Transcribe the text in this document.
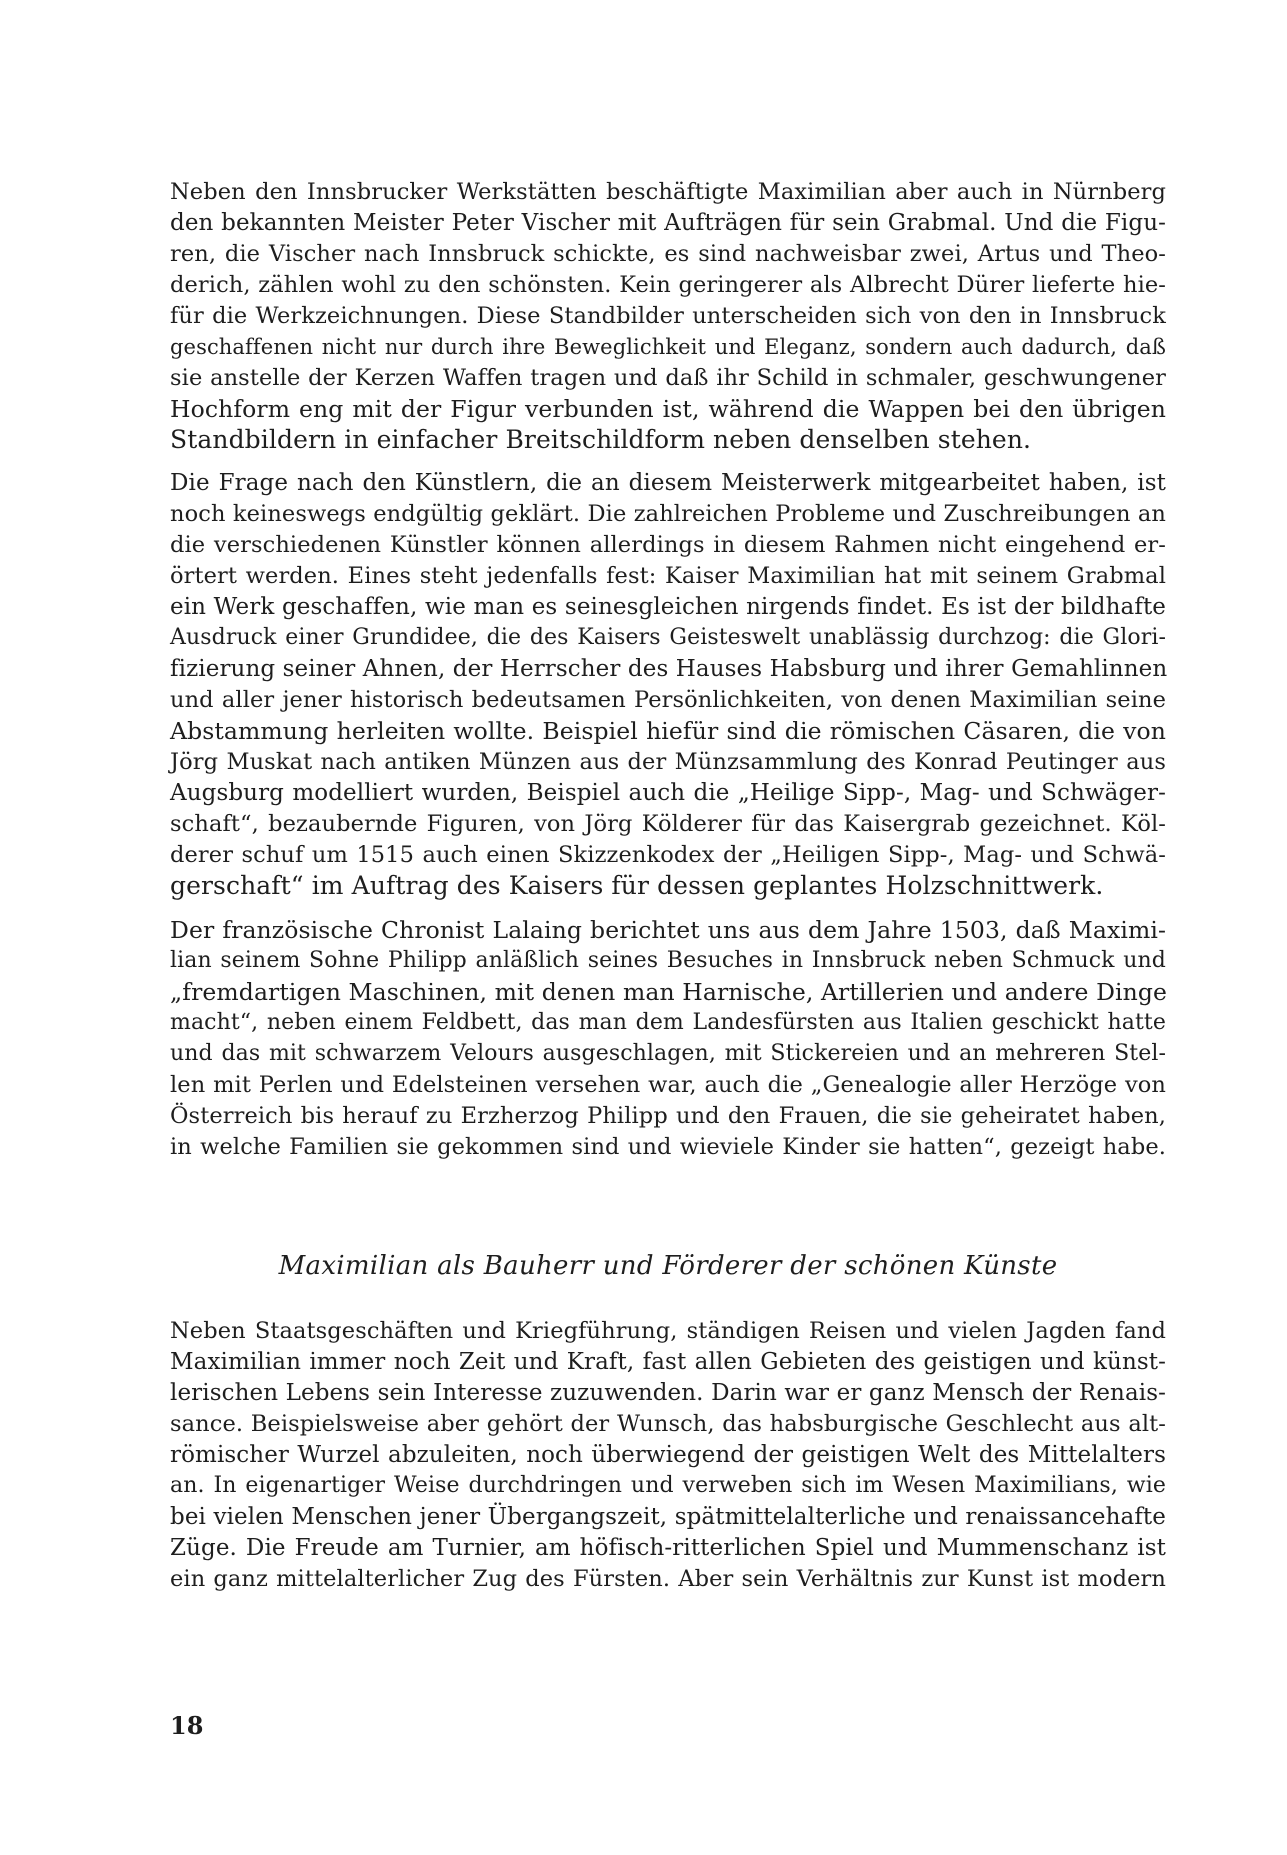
Neben den Innsbrucker Werkstätten beschäftigte Maximilian aber auch in Nürnberg
den bekannten Meister Peter Vischer mit Aufträgen für sein Grabmal. Und die Figu-
ren, die Vischer nach Innsbruck schickte, es sind nachweisbar zwei, Artus und Theo-
derich, zählen wohl zu den schönsten. Kein geringerer als Albrecht Dürer lieferte hie-
für die Werkzeichnungen. Diese Standbilder unterscheiden sich von den in Innsbruck
geschaffenen nicht nur durch ihre Beweglichkeit und Eleganz, sondern auch dadurch, daß
sie anstelle der Kerzen Waffen tragen und daß ihr Schild in schmaler, geschwungener
Hochform eng mit der Figur verbunden ist, während die Wappen bei den übrigen
Standbildern in einfacher Breitschildform neben denselben stehen.
Die Frage nach den Künstlern, die an diesem Meisterwerk mitgearbeitet haben, ist
noch keineswegs endgültig geklärt. Die zahlreichen Probleme und Zuschreibungen an
die verschiedenen Künstler können allerdings in diesem Rahmen nicht eingehend er-
örtert werden. Eines steht jedenfalls fest: Kaiser Maximilian hat mit seinem Grabmal
ein Werk geschaffen, wie man es seinesgleichen nirgends findet. Es ist der bildhafte
Ausdruck einer Grundidee, die des Kaisers Geisteswelt unablässig durchzog: die Glori-
fizierung seiner Ahnen, der Herrscher des Hauses Habsburg und ihrer Gemahlinnen
und aller jener historisch bedeutsamen Persönlichkeiten, von denen Maximilian seine
Abstammung herleiten wollte. Beispiel hiefür sind die römischen Cäsaren, die von
Jörg Muskat nach antiken Münzen aus der Münzsammlung des Konrad Peutinger aus
Augsburg modelliert wurden, Beispiel auch die „Heilige Sipp-, Mag- und Schwäger-
schaft“, bezaubernde Figuren, von Jörg Kölderer für das Kaisergrab gezeichnet. Köl-
derer schuf um 1515 auch einen Skizzenkodex der „Heiligen Sipp-, Mag- und Schwä-
gerschaft“ im Auftrag des Kaisers für dessen geplantes Holzschnittwerk.
Der französische Chronist Lalaing berichtet uns aus dem Jahre 1503, daß Maximi-
lian seinem Sohne Philipp anläßlich seines Besuches in Innsbruck neben Schmuck und
„fremdartigen Maschinen, mit denen man Harnische, Artillerien und andere Dinge
macht“, neben einem Feldbett, das man dem Landesfürsten aus Italien geschickt hatte
und das mit schwarzem Velours ausgeschlagen, mit Stickereien und an mehreren Stel-
len mit Perlen und Edelsteinen versehen war, auch die „Genealogie aller Herzöge von
Österreich bis herauf zu Erzherzog Philipp und den Frauen, die sie geheiratet haben,
in welche Familien sie gekommen sind und wieviele Kinder sie hatten“, gezeigt habe.
Maximilian als Bauherr und Förderer der schönen Künste
Neben Staatsgeschäften und Kriegführung, ständigen Reisen und vielen Jagden fand
Maximilian immer noch Zeit und Kraft, fast allen Gebieten des geistigen und künst-
lerischen Lebens sein Interesse zuzuwenden. Darin war er ganz Mensch der Renais-
sance. Beispielsweise aber gehört der Wunsch, das habsburgische Geschlecht aus alt-
römischer Wurzel abzuleiten, noch überwiegend der geistigen Welt des Mittelalters
an. In eigenartiger Weise durchdringen und verweben sich im Wesen Maximilians, wie
bei vielen Menschen jener Übergangszeit, spätmittelalterliche und renaissancehafte
Züge. Die Freude am Turnier, am höfisch-ritterlichen Spiel und Mummenschanz ist
ein ganz mittelalterlicher Zug des Fürsten. Aber sein Verhältnis zur Kunst ist modern
18
